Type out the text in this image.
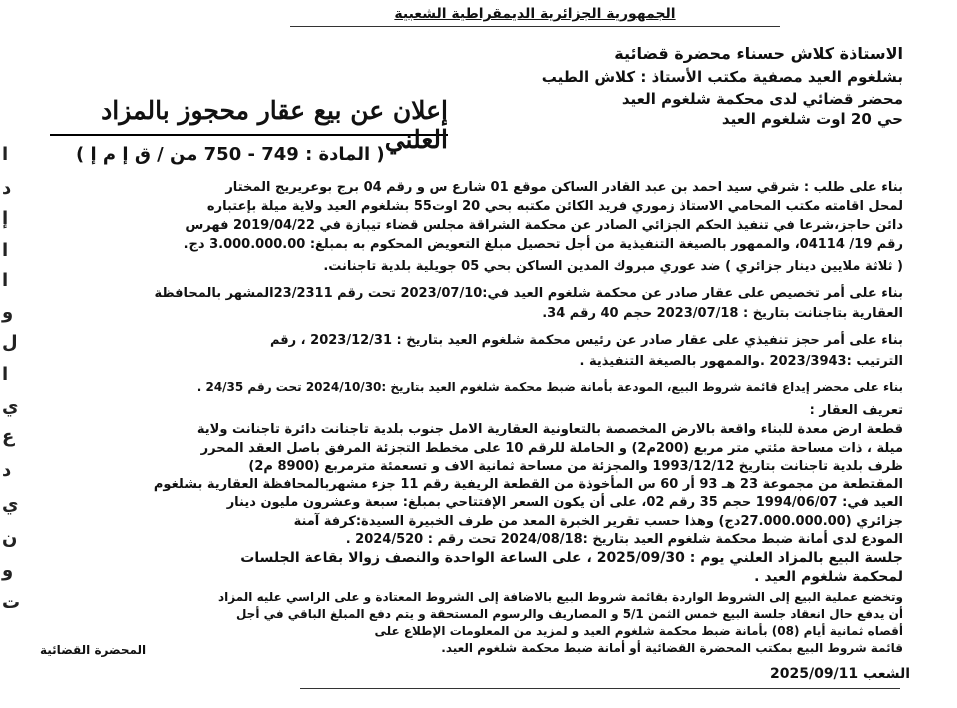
ا
د
إ
ا
ا
و
ل
ا
ي
ع
د
ي
ن
و
ت
الجمهورية الجزائرية الديمقراطية الشعبية
الاستاذة كلاش حسناء محضرة قضائية
بشلغوم العيد مصفية مكتب الأستاذ : كلاش الطيب
محضر قضائي لدى محكمة شلغوم العيد
حي 20 اوت شلغوم العيد
إعلان عن بيع عقار محجوز بالمزاد العلني
( المادة : 749 - 750 من / ق إ م إ )
بناء على طلب : شرقي سيد احمد بن عبد القادر الساكن موقع 01 شارع س و رقم 04 برج بوعريريج المختار
لمحل اقامته مكتب المحامي الاستاذ زموري فريد الكائن مكتبه بحي 20 اوت55 بشلغوم العيد ولاية ميلة بإعتباره
دائن حاجز،شرعا في تنفيذ الحكم الجزائي الصادر عن محكمة الشراقة مجلس قضاء تيبازة في 2019/04/22 فهرس
رقم 19/ 04114، والممهور بالصيغة التنفيذية من أجل تحصيل مبلغ التعويض المحكوم به بمبلغ: 3.000.000.00 دج.
( ثلاثة ملايين دينار جزائري ) ضد عوري مبروك المدين الساكن بحي 05 جويلية بلدية تاجنانت.
بناء على أمر تخصيص على عقار صادر عن محكمة شلغوم العيد في:2023/07/10 تحت رقم 23/2311المشهر بالمحافظة
العقارية بتاجنانت بتاريخ : 2023/07/18 حجم 40 رقم 34.
بناء على أمر حجز تنفيذي على عقار صادر عن رئيس محكمة شلغوم العيد بتاريخ : 2023/12/31 ، رقم
الترتيب :2023/3943 .والممهور بالصيغة التنفيذية .
بناء على محضر إيداع قائمة شروط البيع، المودعة بأمانة ضبط محكمة شلغوم العيد بتاريخ :2024/10/30 تحت رقم 24/35 .
تعريف العقار :
قطعة ارض معدة للبناء واقعة بالارض المخصصة بالتعاونية العقارية الامل جنوب بلدية تاجنانت دائرة تاجنانت ولاية
ميلة ، ذات مساحة مئتي متر مربع (200م2) و الحاملة للرقم 10 على مخطط التجزئة المرفق باصل العقد المحرر
ظرف بلدية تاجنانت بتاريخ 1993/12/12 والمجزئة من مساحة ثمانية الاف و تسعمئة مترمربع (8900 م2)
المقتطعة من مجموعة 23 هـ 93 أر 60 س المأخوذة من القطعة الريفية رقم 11 جزء مشهربالمحافظة العقارية بشلغوم
العيد في: 1994/06/07 حجم 35 رقم 02، على أن يكون السعر الإفتتاحي بمبلغ: سبعة وعشرون مليون دينار
جزائري (27.000.000.00دج) وهذا حسب تقرير الخبرة المعد من طرف الخبيرة السيدة:كرفة آمنة
المودع لدى أمانة ضبط محكمة شلغوم العيد بتاريخ :2024/08/18 تحت رقم : 2024/520 .
جلسة البيع بالمزاد العلني يوم : 2025/09/30 ، على الساعة الواحدة والنصف زوالا بقاعة الجلسات
لمحكمة شلغوم العيد .
وتخضع عملية البيع إلى الشروط الواردة بقائمة شروط البيع بالاضافة إلى الشروط المعتادة و على الراسي عليه المزاد
أن يدفع حال انعقاد جلسة البيع خمس الثمن 5/1 و المصاريف والرسوم المستحقة و يتم دفع المبلغ الباقي في أجل
أقصاه ثمانية أيام (08) بأمانة ضبط محكمة شلغوم العيد و لمزيد من المعلومات الإطلاع على
قائمة شروط البيع بمكتب المحضرة القضائية أو أمانة ضبط محكمة شلغوم العيد.
المحضرة القضائية
الشعب 2025/09/11
